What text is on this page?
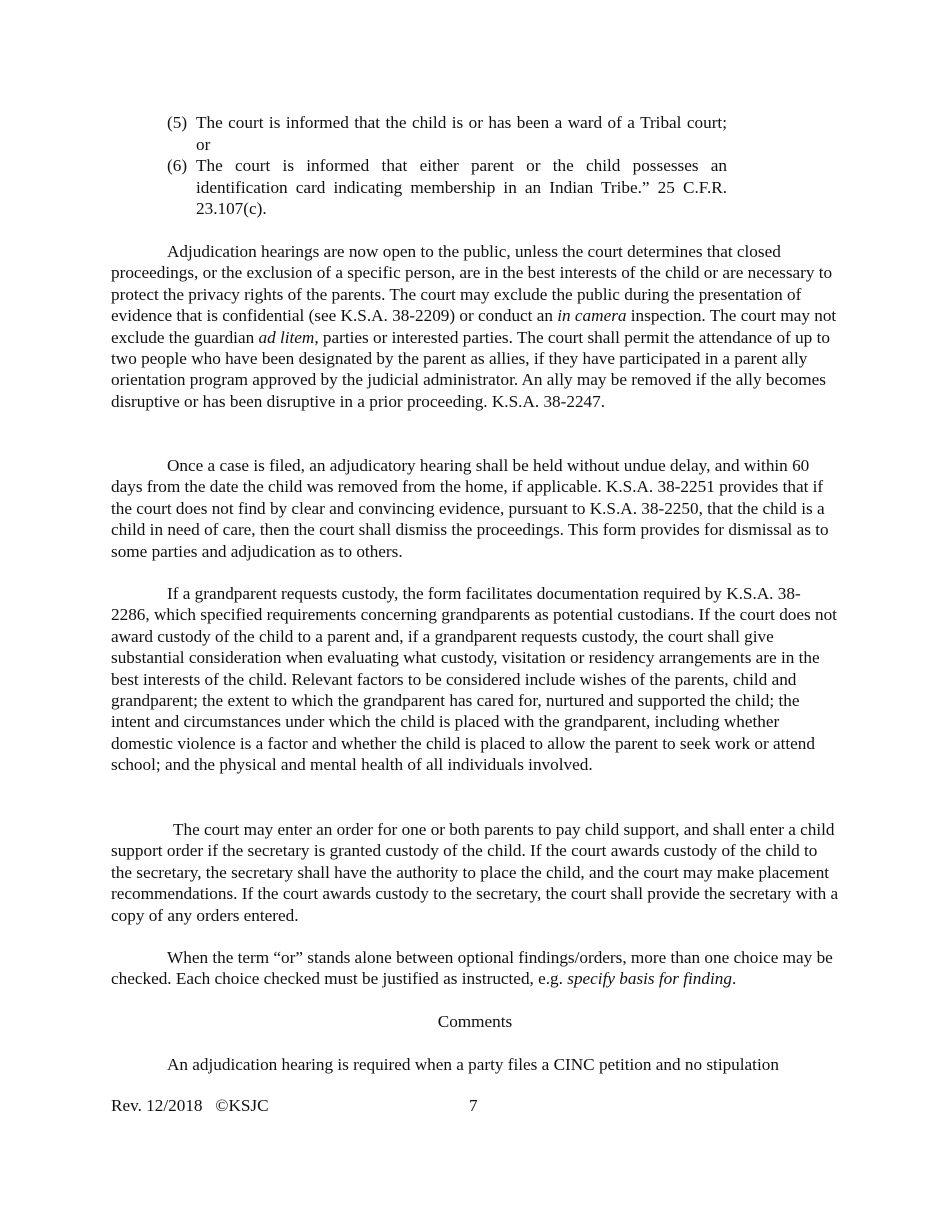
(5) The court is informed that the child is or has been a ward of a Tribal court; or

(6) The court is informed that either parent or the child possesses an identification card indicating membership in an Indian Tribe.” 25 C.F.R. 23.107(c).

Adjudication hearings are now open to the public, unless the court determines that closed proceedings, or the exclusion of a specific person, are in the best interests of the child or are necessary to protect the privacy rights of the parents. The court may exclude the public during the presentation of evidence that is confidential (see K.S.A. 38-2209) or conduct an in camera inspection. The court may not exclude the guardian ad litem, parties or interested parties. The court shall permit the attendance of up to two people who have been designated by the parent as allies, if they have participated in a parent ally orientation program approved by the judicial administrator. An ally may be removed if the ally becomes disruptive or has been disruptive in a prior proceeding. K.S.A. 38-2247.

Once a case is filed, an adjudicatory hearing shall be held without undue delay, and within 60 days from the date the child was removed from the home, if applicable. K.S.A. 38-2251 provides that if the court does not find by clear and convincing evidence, pursuant to K.S.A. 38-2250, that the child is a child in need of care, then the court shall dismiss the proceedings. This form provides for dismissal as to some parties and adjudication as to others.

If a grandparent requests custody, the form facilitates documentation required by K.S.A. 38-2286, which specified requirements concerning grandparents as potential custodians. If the court does not award custody of the child to a parent and, if a grandparent requests custody, the court shall give substantial consideration when evaluating what custody, visitation or residency arrangements are in the best interests of the child. Relevant factors to be considered include wishes of the parents, child and grandparent; the extent to which the grandparent has cared for, nurtured and supported the child; the intent and circumstances under which the child is placed with the grandparent, including whether domestic violence is a factor and whether the child is placed to allow the parent to seek work or attend school; and the physical and mental health of all individuals involved.

The court may enter an order for one or both parents to pay child support, and shall enter a child support order if the secretary is granted custody of the child. If the court awards custody of the child to the secretary, the secretary shall have the authority to place the child, and the court may make placement recommendations. If the court awards custody to the secretary, the court shall provide the secretary with a copy of any orders entered.

When the term “or” stands alone between optional findings/orders, more than one choice may be checked. Each choice checked must be justified as instructed, e.g. specify basis for finding.

Comments

An adjudication hearing is required when a party files a CINC petition and no stipulation

Rev. 12/2018 ©KSJC	7
